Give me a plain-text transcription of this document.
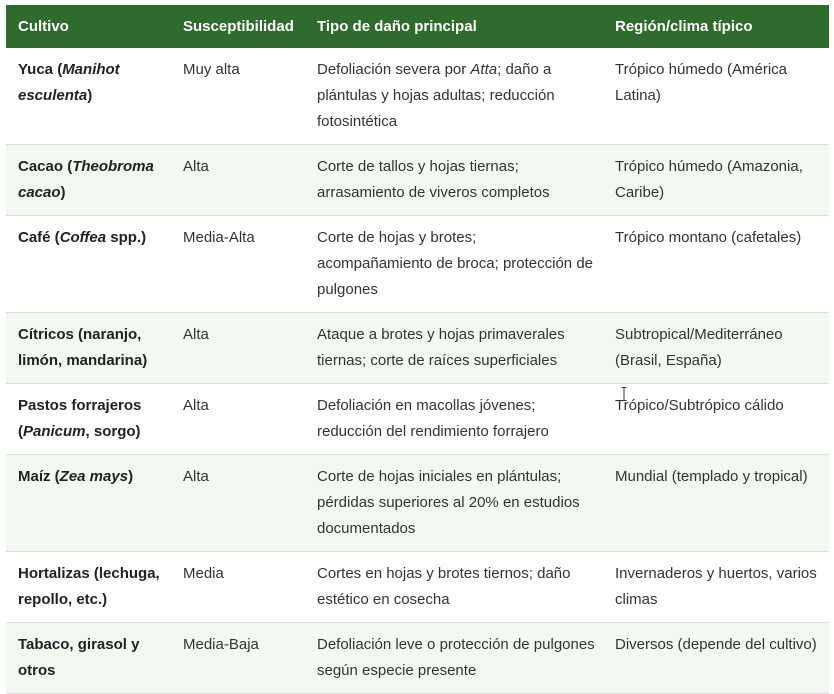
Cultivo	Susceptibilidad	Tipo de daño principal	Región/clima típico
Yuca (Manihot esculenta)	Muy alta	Defoliación severa por Atta; daño a plántulas y hojas adultas; reducción fotosintética	Trópico húmedo (América Latina)
Cacao (Theobroma cacao)	Alta	Corte de tallos y hojas tiernas; arrasamiento de viveros completos	Trópico húmedo (Amazonia, Caribe)
Café (Coffea spp.)	Media-Alta	Corte de hojas y brotes; acompañamiento de broca; protección de pulgones	Trópico montano (cafetales)
Cítricos (naranjo, limón, mandarina)	Alta	Ataque a brotes y hojas primaverales tiernas; corte de raíces superficiales	Subtropical/Mediterráneo (Brasil, España)
Pastos forrajeros (Panicum, sorgo)	Alta	Defoliación en macollas jóvenes; reducción del rendimiento forrajero	Trópico/Subtrópico cálido
Maíz (Zea mays)	Alta	Corte de hojas iniciales en plántulas; pérdidas superiores al 20% en estudios documentados	Mundial (templado y tropical)
Hortalizas (lechuga, repollo, etc.)	Media	Cortes en hojas y brotes tiernos; daño estético en cosecha	Invernaderos y huertos, varios climas
Tabaco, girasol y otros	Media-Baja	Defoliación leve o protección de pulgones según especie presente	Diversos (depende del cultivo)
